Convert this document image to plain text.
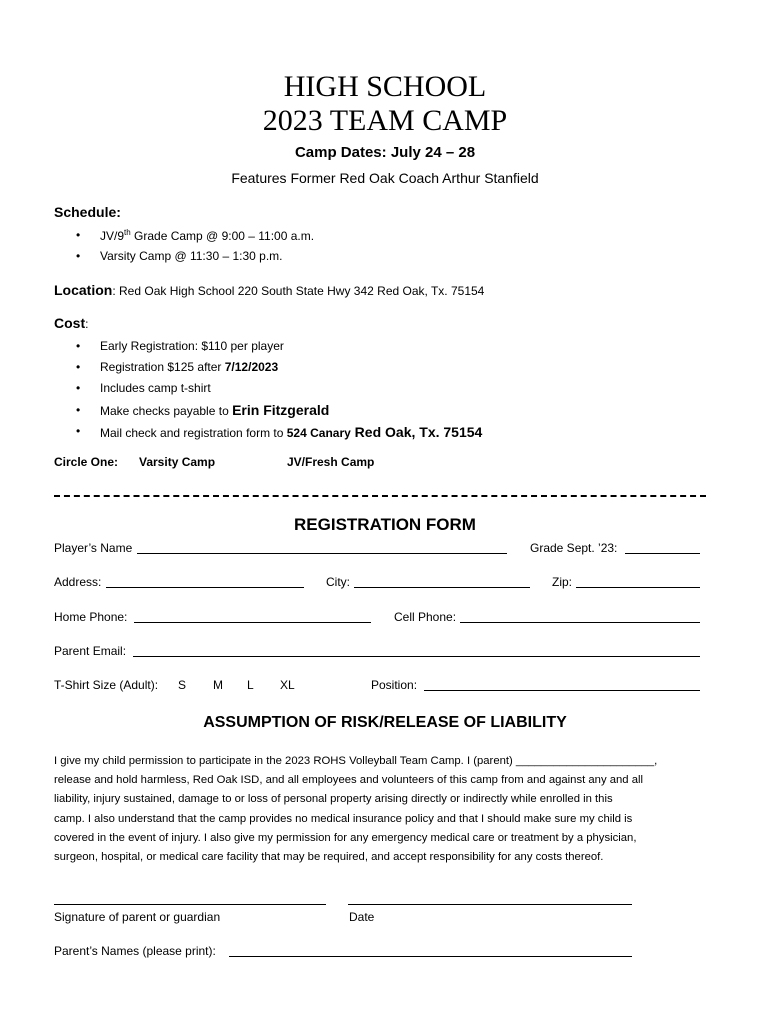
HIGH SCHOOL
2023 TEAM CAMP
Camp Dates: July 24 – 28
Features Former Red Oak Coach Arthur Stanfield
Schedule:
• JV/9th Grade Camp @ 9:00 – 11:00 a.m.
• Varsity Camp @ 11:30 – 1:30 p.m.
Location: Red Oak High School 220 South State Hwy 342 Red Oak, Tx. 75154
Cost:
• Early Registration: $110 per player
• Registration $125 after 7/12/2023
• Includes camp t-shirt
• Make checks payable to Erin Fitzgerald
• Mail check and registration form to 524 Canary Red Oak, Tx. 75154
Circle One: Varsity Camp	JV/Fresh Camp
REGISTRATION FORM
Player’s Name	Grade Sept. ’23:
Address:	City:	Zip:
Home Phone:	Cell Phone:
Parent Email:
T-Shirt Size (Adult): S M L XL	Position:
ASSUMPTION OF RISK/RELEASE OF LIABILITY
I give my child permission to participate in the 2023 ROHS Volleyball Team Camp. I (parent) ______________________,
release and hold harmless, Red Oak ISD, and all employees and volunteers of this camp from and against any and all
liability, injury sustained, damage to or loss of personal property arising directly or indirectly while enrolled in this
camp. I also understand that the camp provides no medical insurance policy and that I should make sure my child is
covered in the event of injury. I also give my permission for any emergency medical care or treatment by a physician,
surgeon, hospital, or medical care facility that may be required, and accept responsibility for any costs thereof.
Signature of parent or guardian	Date
Parent’s Names (please print):
